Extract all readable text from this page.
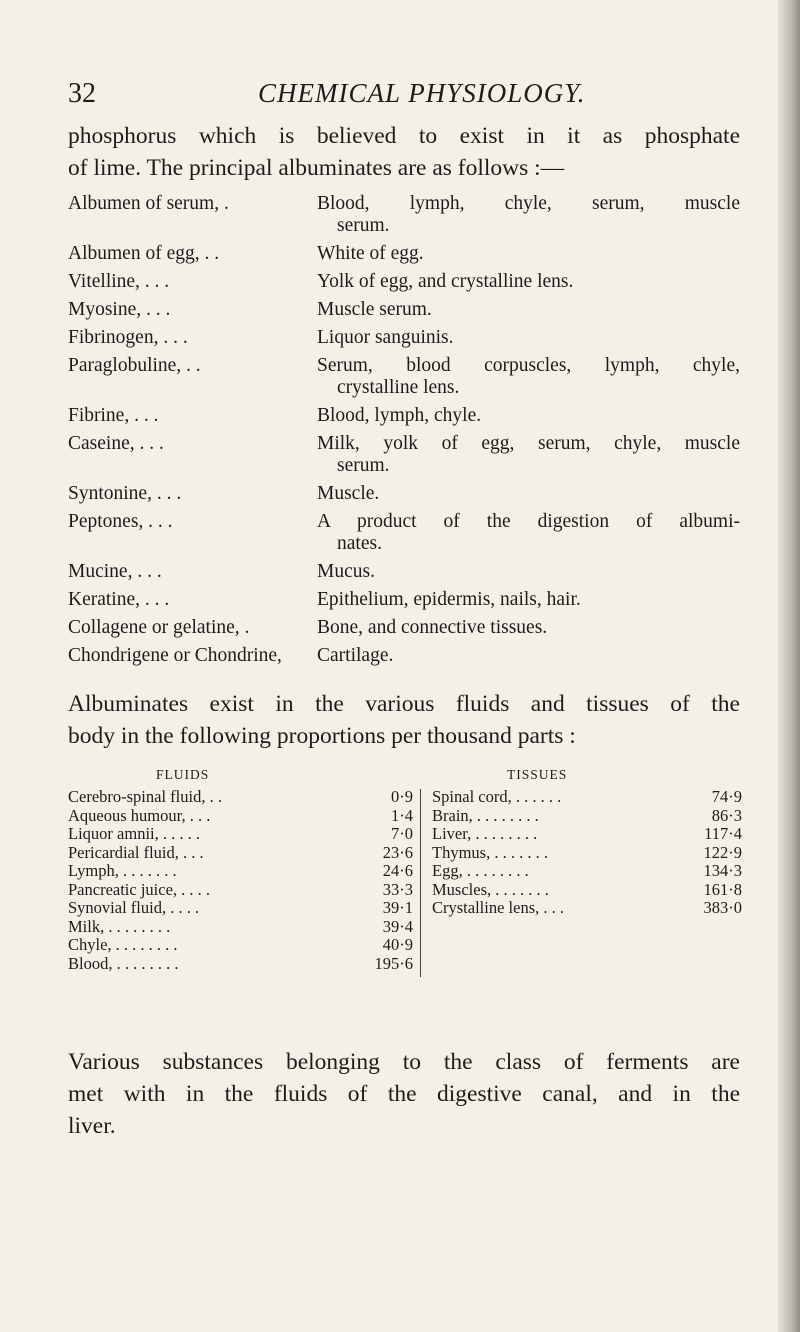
32	CHEMICAL PHYSIOLOGY.
phosphorus which is believed to exist in it as phosphate
of lime. The principal albuminates are as follows :—
Albumen of serum, .	Blood, lymph, chyle, serum, muscle
serum.
Albumen of egg, . .	White of egg.
Vitelline, . . .	Yolk of egg, and crystalline lens.
Myosine, . . .	Muscle serum.
Fibrinogen, . . .	Liquor sanguinis.
Paraglobuline, . .	Serum, blood corpuscles, lymph, chyle,
crystalline lens.
Fibrine, . . .	Blood, lymph, chyle.
Caseine, . . .	Milk, yolk of egg, serum, chyle, muscle
serum.
Syntonine, . . .	Muscle.
Peptones, . . .	A product of the digestion of albumi-
nates.
Mucine, . . .	Mucus.
Keratine, . . .	Epithelium, epidermis, nails, hair.
Collagene or gelatine, .	Bone, and connective tissues.
Chondrigene or Chondrine, Cartilage.
Albuminates exist in the various fluids and tissues of the
body in the following proportions per thousand parts :
FLUIDS	TISSUES
Cerebro-spinal fluid, . .	0·9
Aqueous humour, . . .	1·4
Liquor amnii, . . . . .	7·0
Pericardial fluid, . . .	23·6
Lymph, . . . . . . .	24·6
Pancreatic juice, . . . .	33·3
Synovial fluid, . . . .	39·1
Milk, . . . . . . . .	39·4
Chyle, . . . . . . . .	40·9
Blood, . . . . . . . .	195·6
Spinal cord, . . . . . .	74·9
Brain, . . . . . . . .	86·3
Liver, . . . . . . . .	117·4
Thymus, . . . . . . .	122·9
Egg, . . . . . . . .	134·3
Muscles, . . . . . . .	161·8
Crystalline lens, . . .	383·0
Various substances belonging to the class of ferments are
met with in the fluids of the digestive canal, and in the
liver.
